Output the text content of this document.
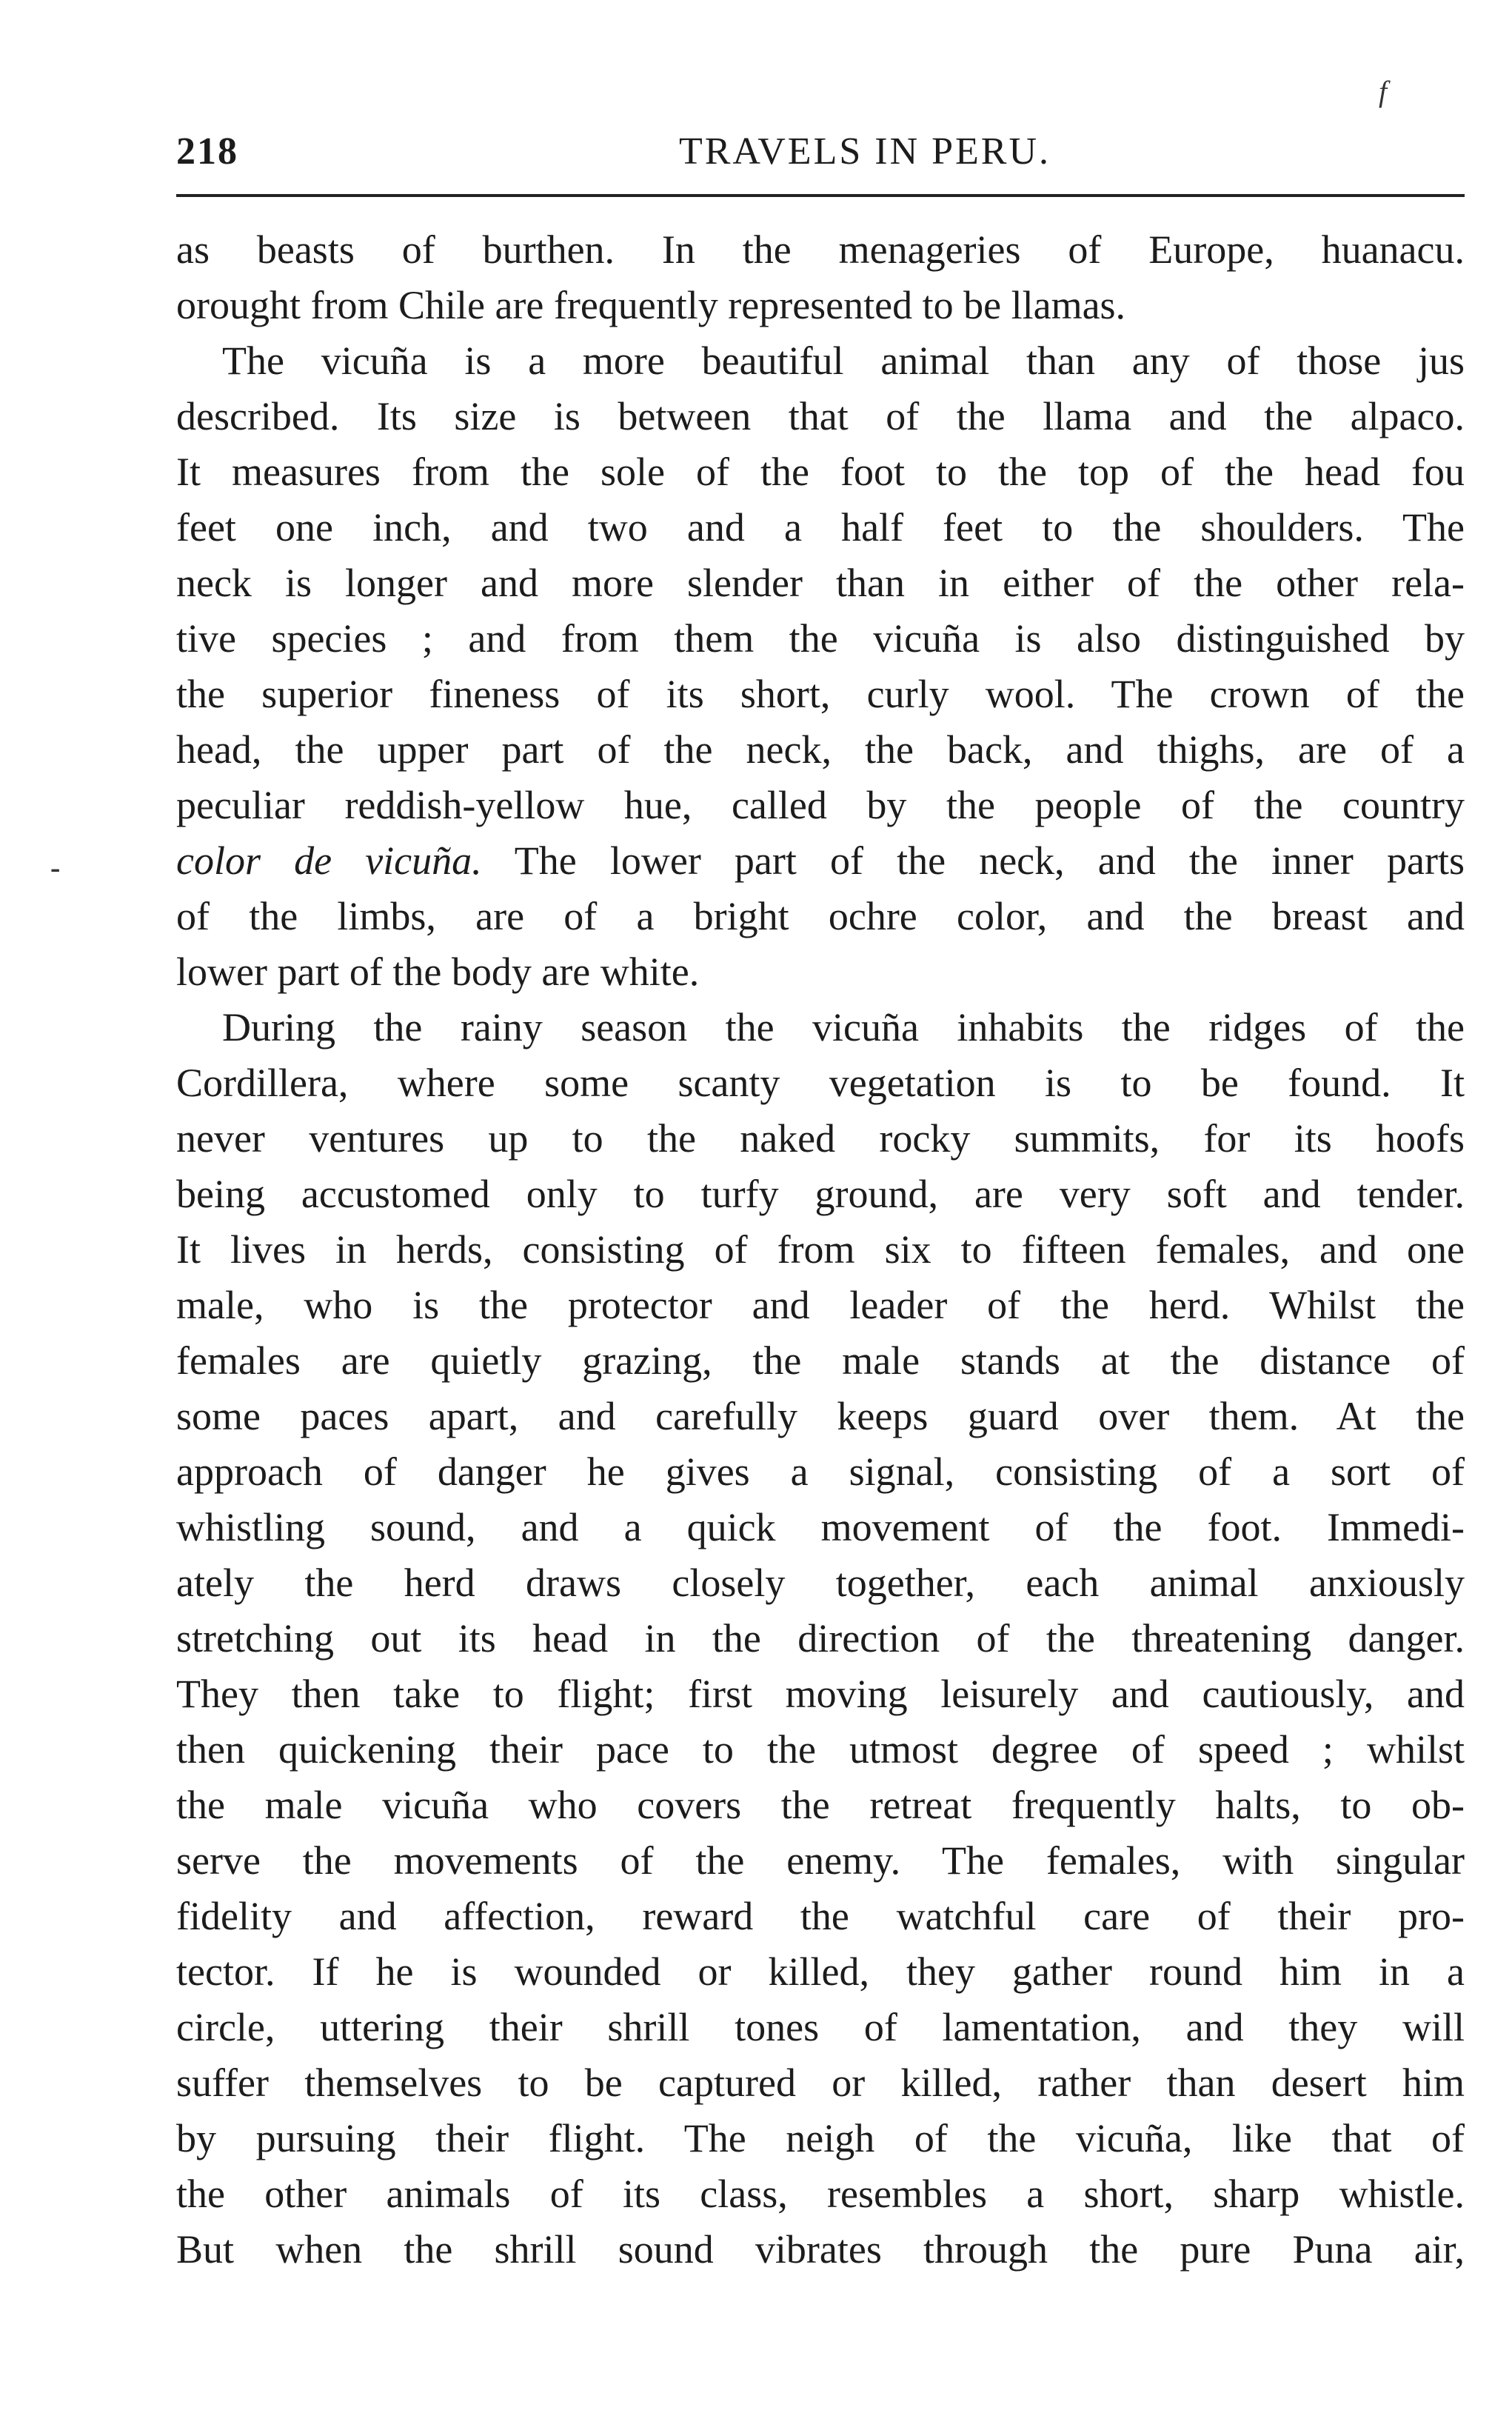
f
-
218	TRAVELS IN PERU.
as beasts of burthen. In the menageries of Europe, huanacu.
orought from Chile are frequently represented to be llamas.
The vicuña is a more beautiful animal than any of those jus
described. Its size is between that of the llama and the alpaco.
It measures from the sole of the foot to the top of the head fou
feet one inch, and two and a half feet to the shoulders. The
neck is longer and more slender than in either of the other rela-
tive species ; and from them the vicuña is also distinguished by
the superior fineness of its short, curly wool. The crown of the
head, the upper part of the neck, the back, and thighs, are of a
peculiar reddish-yellow hue, called by the people of the country
color de vicuña. The lower part of the neck, and the inner parts
of the limbs, are of a bright ochre color, and the breast and
lower part of the body are white.
During the rainy season the vicuña inhabits the ridges of the
Cordillera, where some scanty vegetation is to be found. It
never ventures up to the naked rocky summits, for its hoofs
being accustomed only to turfy ground, are very soft and tender.
It lives in herds, consisting of from six to fifteen females, and one
male, who is the protector and leader of the herd. Whilst the
females are quietly grazing, the male stands at the distance of
some paces apart, and carefully keeps guard over them. At the
approach of danger he gives a signal, consisting of a sort of
whistling sound, and a quick movement of the foot. Immedi-
ately the herd draws closely together, each animal anxiously
stretching out its head in the direction of the threatening danger.
They then take to flight; first moving leisurely and cautiously, and
then quickening their pace to the utmost degree of speed ; whilst
the male vicuña who covers the retreat frequently halts, to ob-
serve the movements of the enemy. The females, with singular
fidelity and affection, reward the watchful care of their pro-
tector. If he is wounded or killed, they gather round him in a
circle, uttering their shrill tones of lamentation, and they will
suffer themselves to be captured or killed, rather than desert him
by pursuing their flight. The neigh of the vicuña, like that of
the other animals of its class, resembles a short, sharp whistle.
But when the shrill sound vibrates through the pure Puna air,
